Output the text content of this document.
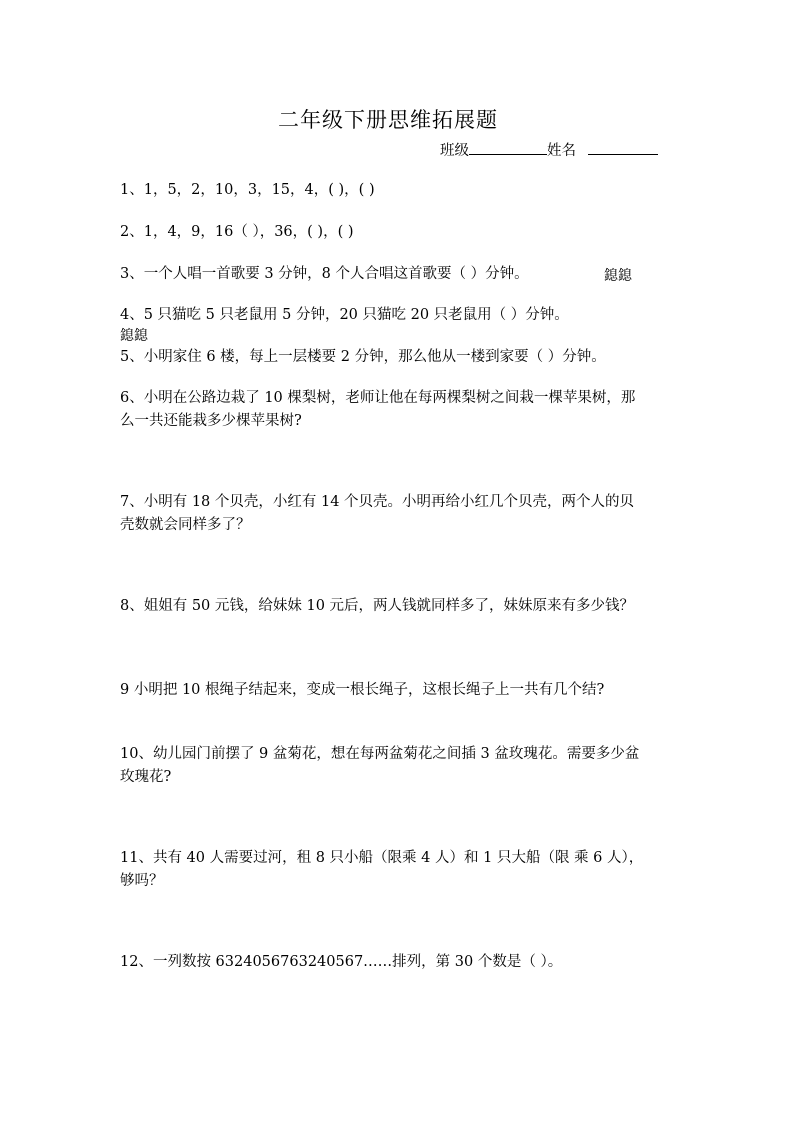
二年级下册思维拓展题
班级	姓名
1、1，5，2，10，3，15，4，( )，( )
2、1，4，9，16（ ），36，( )，( )
3、一个人唱一首歌要 3 分钟，8 个人合唱这首歌要（ ）分钟。	鎴鎴
4、5 只猫吃 5 只老鼠用 5 分钟，20 只猫吃 20 只老鼠用（ ）分钟。
鎴鎴
5、小明家住 6 楼，每上一层楼要 2 分钟，那么他从一楼到家要（ ）分钟。
6、小明在公路边栽了 10 棵梨树，老师让他在每两棵梨树之间栽一棵苹果树，那
么一共还能栽多少棵苹果树?
7、小明有 18 个贝壳，小红有 14 个贝壳。小明再给小红几个贝壳，两个人的贝
壳数就会同样多了？
8、姐姐有 50 元钱，给妹妹 10 元后，两人钱就同样多了，妹妹原来有多少钱？
9 小明把 10 根绳子结起来，变成一根长绳子，这根长绳子上一共有几个结?
10、幼儿园门前摆了 9 盆菊花，想在每两盆菊花之间插 3 盆玫瑰花。需要多少盆
玫瑰花?
11、共有 40 人需要过河，租 8 只小船（限乘 4 人）和 1 只大船（限 乘 6 人），
够吗？
12、一列数按 6324056763240567……排列，第 30 个数是（ ）。
